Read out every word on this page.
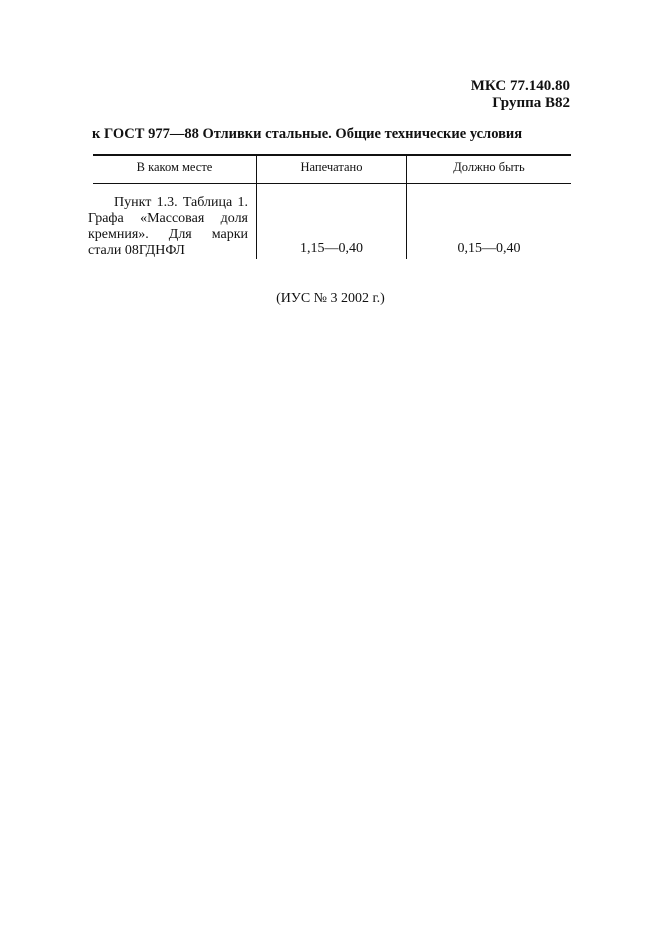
МКС 77.140.80
Группа В82
к ГОСТ 977—88 Отливки стальные. Общие технические условия
В каком месте	Напечатано	Должно быть
Пункт 1.3. Таблица 1.
Графа «Массовая доля
кремния». Для марки
стали 08ГДНФЛ	1,15—0,40	0,15—0,40
(ИУС № 3 2002 г.)
